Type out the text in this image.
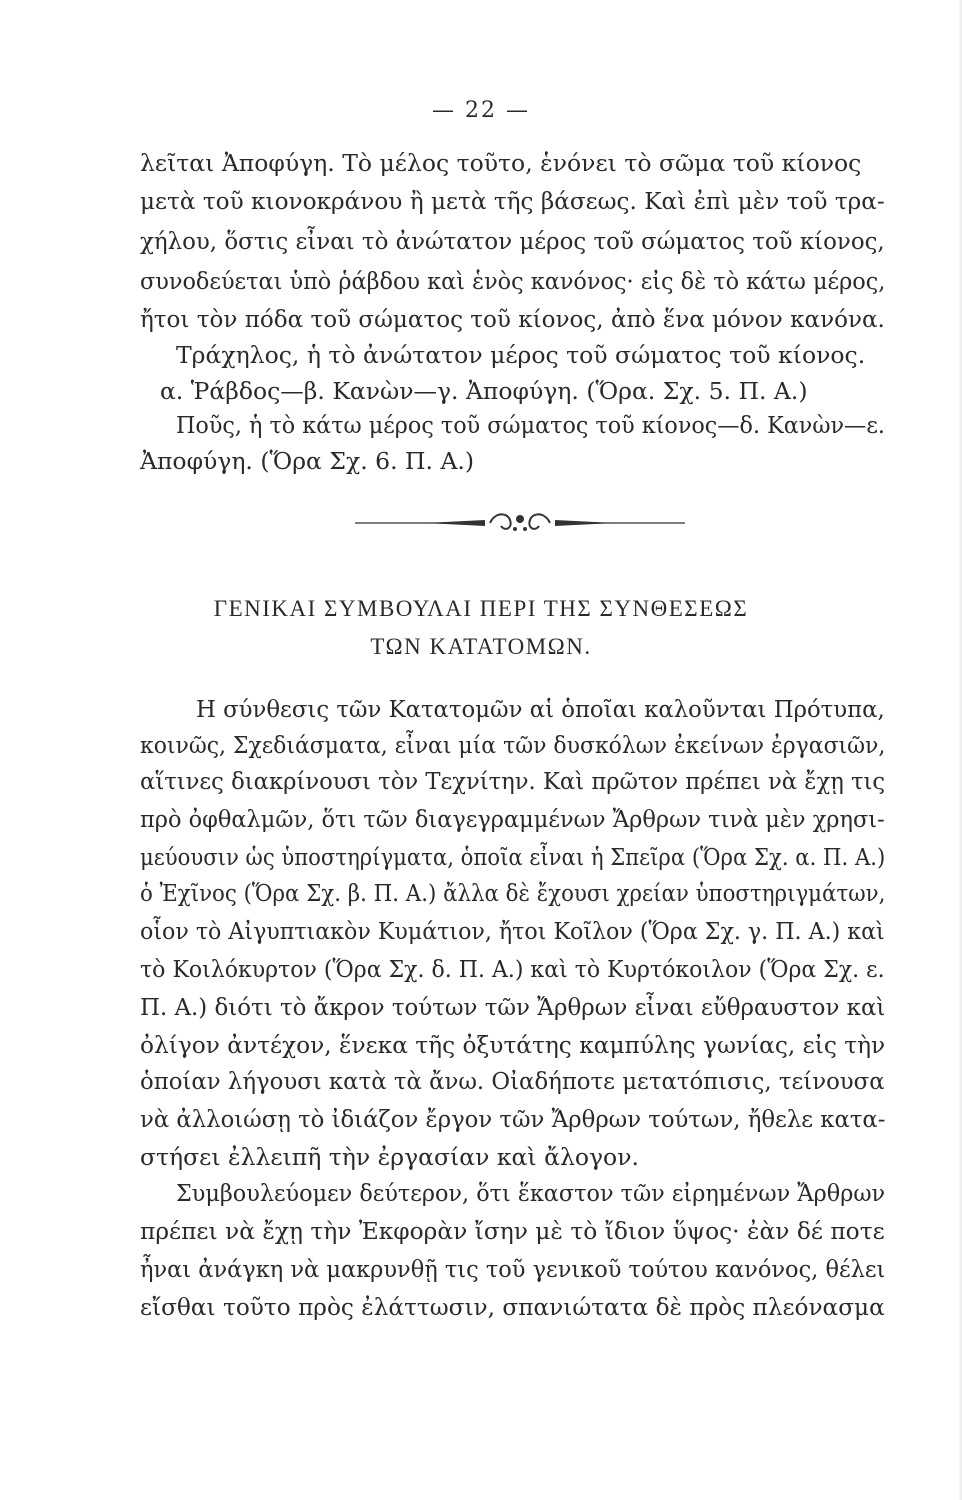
— 22 —
λεῖται Ἀποφύγη. Τὸ μέλος τοῦτο, ἑνόνει τὸ σῶμα τοῦ κίονος
μετὰ τοῦ κιονοκράνου ἢ μετὰ τῆς βάσεως. Καὶ ἐπὶ μὲν τοῦ τρα-
χήλου, ὅστις εἶναι τὸ ἀνώτατον μέρος τοῦ σώματος τοῦ κίονος,
συνοδεύεται ὑπὸ ῥάβδου καὶ ἑνὸς κανόνος· εἰς δὲ τὸ κάτω μέρος,
ἤτοι τὸν πόδα τοῦ σώματος τοῦ κίονος, ἀπὸ ἕνα μόνον κανόνα.
Τράχηλος, ἡ τὸ ἀνώτατον μέρος τοῦ σώματος τοῦ κίονος.
α. Ῥάβδος—β. Κανὼν—γ. Ἀποφύγη. (Ὅρα. Σχ. 5. Π. Α.)
Ποῦς, ἡ τὸ κάτω μέρος τοῦ σώματος τοῦ κίονος—δ. Κανὼν—ε.
Ἀποφύγη. (Ὅρα Σχ. 6. Π. Α.)
ΓΕΝΙΚΑΙ ΣΥΜΒΟΥΛΑΙ ΠΕΡΙ ΤΗΣ ΣΥΝΘΕΣΕΩΣ
ΤΩΝ ΚΑΤΑΤΟΜΩΝ.
Η σύνθεσις τῶν Κατατομῶν αἱ ὁποῖαι καλοῦνται Πρότυπα,
κοινῶς, Σχεδιάσματα, εἶναι μία τῶν δυσκόλων ἐκείνων ἐργασιῶν,
αἵτινες διακρίνουσι τὸν Τεχνίτην. Καὶ πρῶτον πρέπει νὰ ἔχῃ τις
πρὸ ὀφθαλμῶν, ὅτι τῶν διαγεγραμμένων Ἄρθρων τινὰ μὲν χρησι-
μεύουσιν ὡς ὑποστηρίγματα, ὁποῖα εἶναι ἡ Σπεῖρα (Ὅρα Σχ. α. Π. Α.)
ὁ Ἐχῖνος (Ὅρα Σχ. β. Π. Α.) ἄλλα δὲ ἔχουσι χρείαν ὑποστηριγμάτων,
οἷον τὸ Αἰγυπτιακὸν Κυμάτιον, ἤτοι Κοῖλον (Ὅρα Σχ. γ. Π. Α.) καὶ
τὸ Κοιλόκυρτον (Ὅρα Σχ. δ. Π. Α.) καὶ τὸ Κυρτόκοιλον (Ὅρα Σχ. ε.
Π. Α.) διότι τὸ ἄκρον τούτων τῶν Ἄρθρων εἶναι εὔθραυστον καὶ
ὀλίγον ἀντέχον, ἕνεκα τῆς ὀξυτάτης καμπύλης γωνίας, εἰς τὴν
ὁποίαν λήγουσι κατὰ τὰ ἄνω. Οἰαδήποτε μετατόπισις, τείνουσα
νὰ ἀλλοιώσῃ τὸ ἰδιάζον ἔργον τῶν Ἄρθρων τούτων, ἤθελε κατα-
στήσει ἐλλειπῆ τὴν ἐργασίαν καὶ ἄλογον.
Συμβουλεύομεν δεύτερον, ὅτι ἕκαστον τῶν εἰρημένων Ἄρθρων
πρέπει νὰ ἔχῃ τὴν Ἐκφορὰν ἴσην μὲ τὸ ἴδιον ὕψος· ἐὰν δέ ποτε
ἦναι ἀνάγκη νὰ μακρυνθῇ τις τοῦ γενικοῦ τούτου κανόνος, θέλει
εἴσθαι τοῦτο πρὸς ἐλάττωσιν, σπανιώτατα δὲ πρὸς πλεόνασμα
